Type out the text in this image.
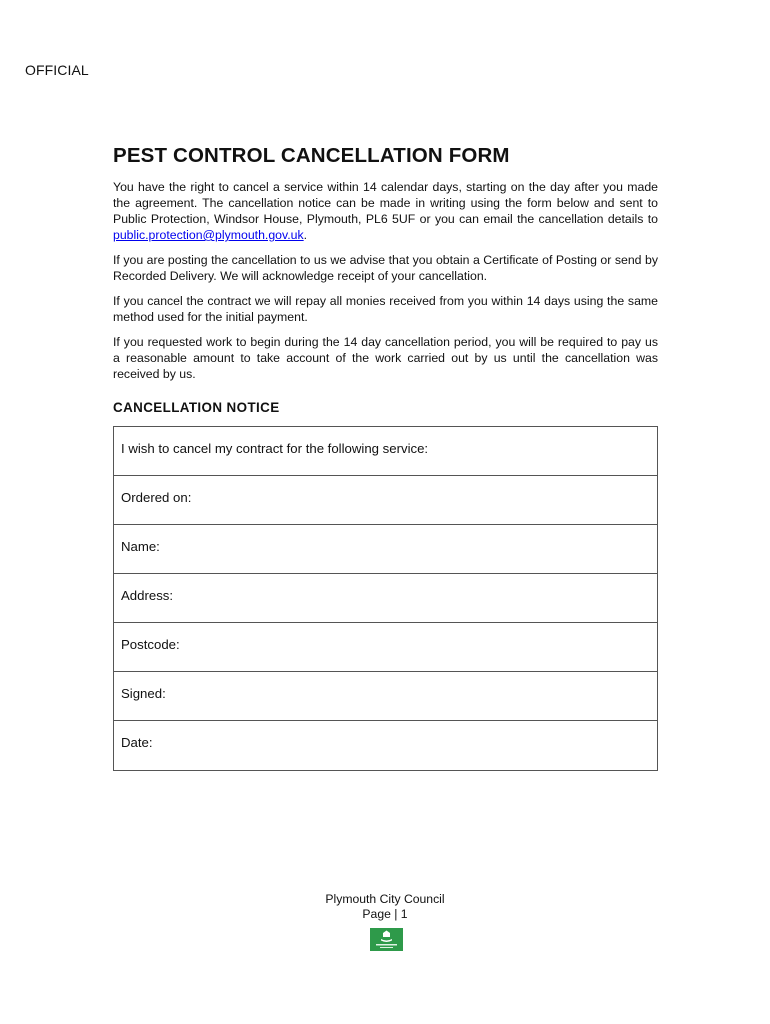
OFFICIAL
PEST CONTROL CANCELLATION FORM

You have the right to cancel a service within 14 calendar days, starting on the day after you made the agreement. The cancellation notice can be made in writing using the form below and sent to Public Protection, Windsor House, Plymouth, PL6 5UF or you can email the cancellation details to public.protection@plymouth.gov.uk.

If you are posting the cancellation to us we advise that you obtain a Certificate of Posting or send by Recorded Delivery. We will acknowledge receipt of your cancellation.

If you cancel the contract we will repay all monies received from you within 14 days using the same method used for the initial payment.

If you requested work to begin during the 14 day cancellation period, you will be required to pay us a reasonable amount to take account of the work carried out by us until the cancellation was received by us.

CANCELLATION NOTICE
I wish to cancel my contract for the following service:
Ordered on:
Name:
Address:
Postcode:
Signed:
Date:
Plymouth City Council
Page | 1
